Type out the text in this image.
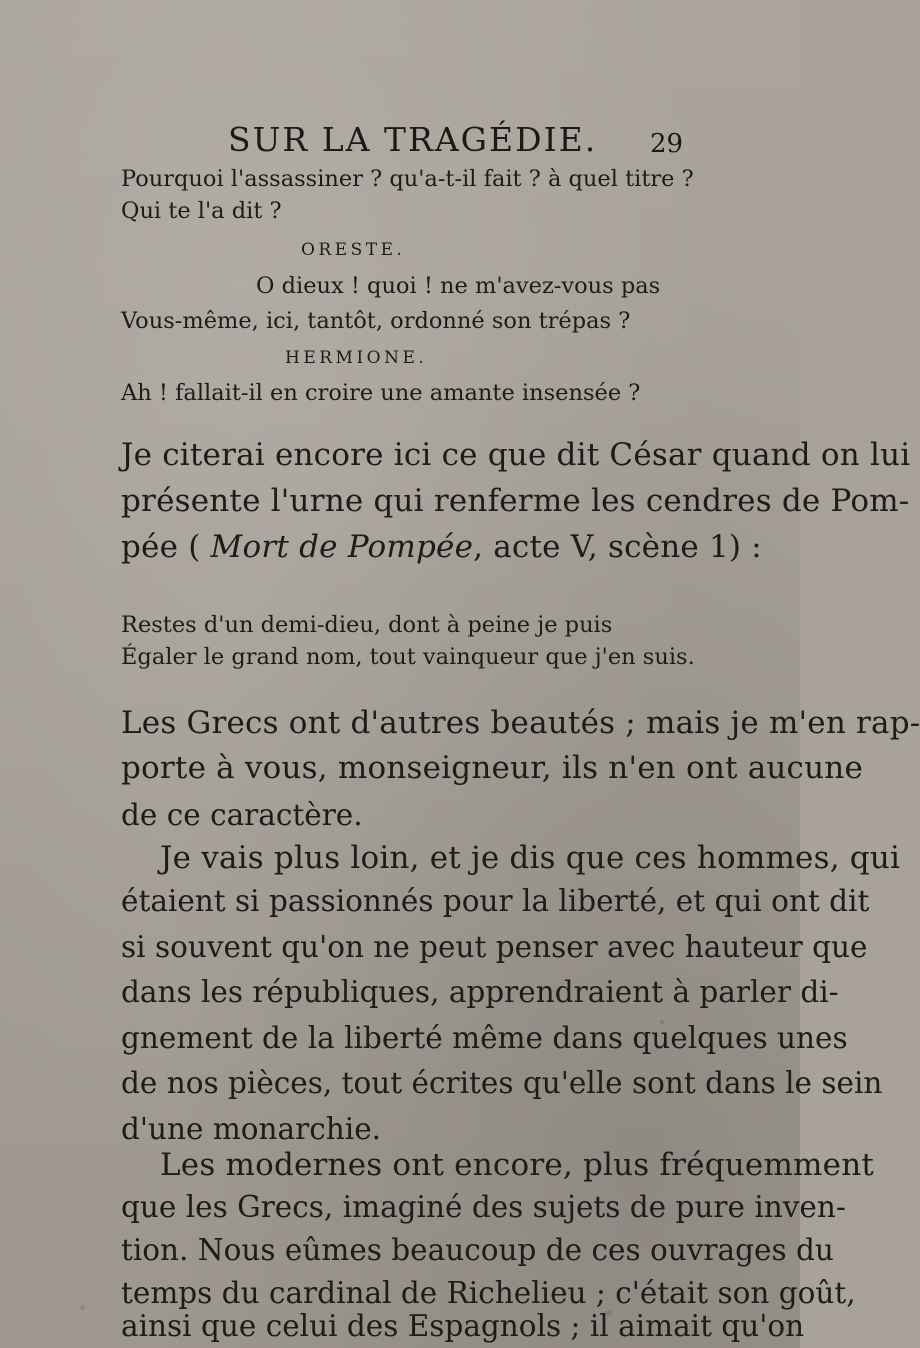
SUR LA TRAGÉDIE. 29
Pourquoi l'assassiner ? qu'a-t-il fait ? à quel titre ?
Qui te l'a dit ?
ORESTE.
O dieux ! quoi ! ne m'avez-vous pas
Vous-même, ici, tantôt, ordonné son trépas ?
HERMIONE.
Ah ! fallait-il en croire une amante insensée ?
Je citerai encore ici ce que dit César quand on lui
présente l'urne qui renferme les cendres de Pom-
pée ( Mort de Pompée, acte V, scène 1) :
Restes d'un demi-dieu, dont à peine je puis
Égaler le grand nom, tout vainqueur que j'en suis.
Les Grecs ont d'autres beautés ; mais je m'en rap-
porte à vous, monseigneur, ils n'en ont aucune
de ce caractère.
Je vais plus loin, et je dis que ces hommes, qui
étaient si passionnés pour la liberté, et qui ont dit
si souvent qu'on ne peut penser avec hauteur que
dans les républiques, apprendraient à parler di-
gnement de la liberté même dans quelques unes
de nos pièces, tout écrites qu'elle sont dans le sein
d'une monarchie.
Les modernes ont encore, plus fréquemment
que les Grecs, imaginé des sujets de pure inven-
tion. Nous eûmes beaucoup de ces ouvrages du
temps du cardinal de Richelieu ; c'était son goût,
ainsi que celui des Espagnols ; il aimait qu'on
